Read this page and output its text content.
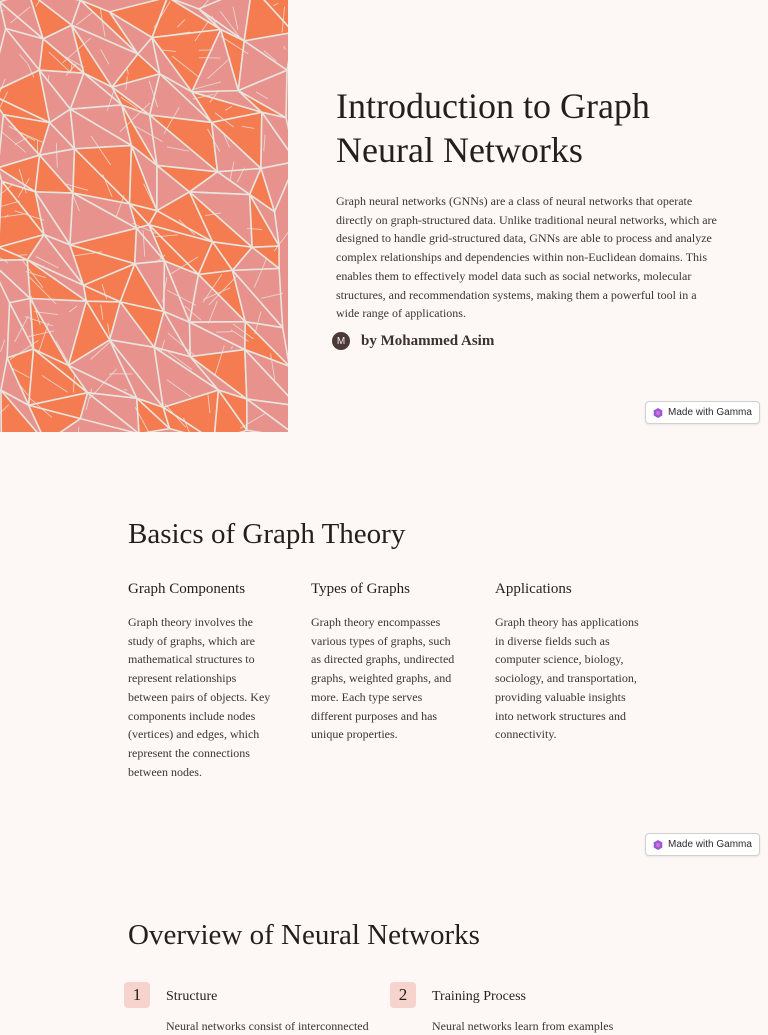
Introduction to Graph Neural Networks

Graph neural networks (GNNs) are a class of neural networks that operate directly on graph-structured data. Unlike traditional neural networks, which are designed to handle grid-structured data, GNNs are able to process and analyze complex relationships and dependencies within non-Euclidean domains. This enables them to effectively model data such as social networks, molecular structures, and recommendation systems, making them a powerful tool in a wide range of applications.

M	by Mohammed Asim
Made with Gamma
Basics of Graph Theory
Graph Components

Graph theory involves the study of graphs, which are mathematical structures to represent relationships between pairs of objects. Key components include nodes (vertices) and edges, which represent the connections between nodes.

Types of Graphs

Graph theory encompasses various types of graphs, such as directed graphs, undirected graphs, weighted graphs, and more. Each type serves different purposes and has unique properties.

Applications

Graph theory has applications in diverse fields such as computer science, biology, sociology, and transportation, providing valuable insights into network structures and connectivity.

Made with Gamma
Overview of Neural Networks
1	Structure
Neural networks consist of interconnected
2	Training Process
Neural networks learn from examples
